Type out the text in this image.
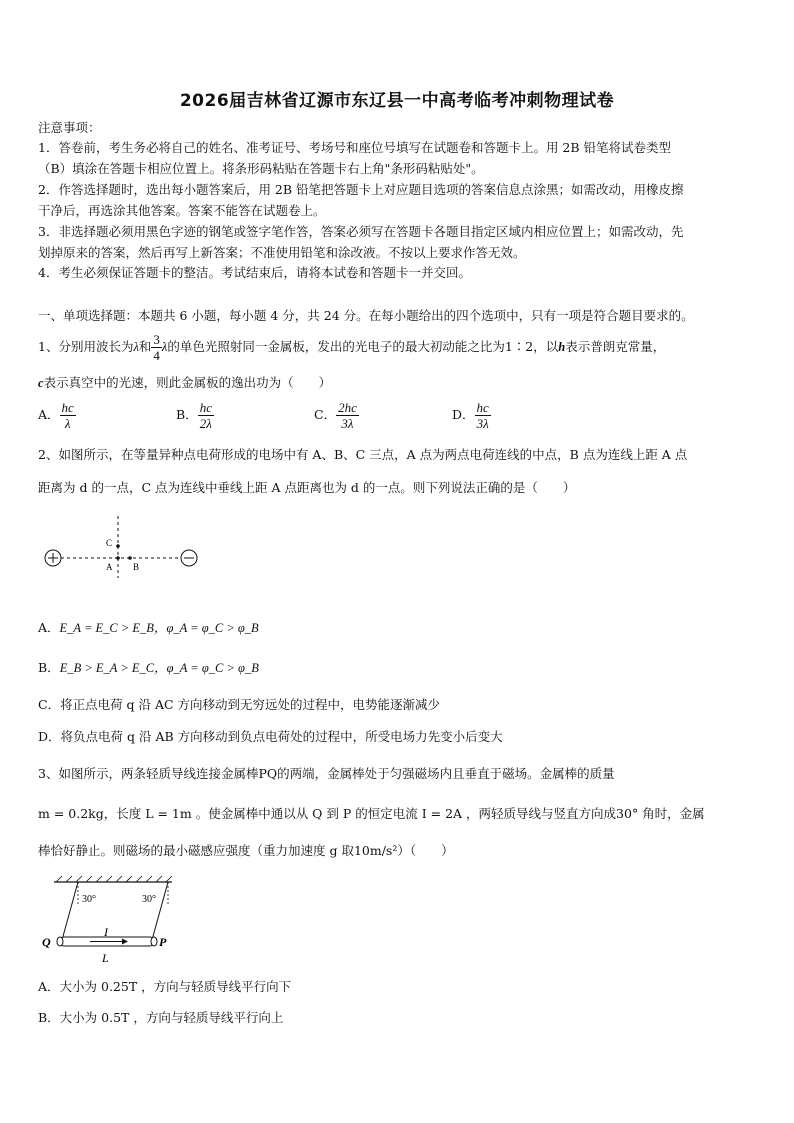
2026届吉林省辽源市东辽县一中高考临考冲刺物理试卷
注意事项：
1．答卷前，考生务必将自己的姓名、准考证号、考场号和座位号填写在试题卷和答题卡上。用 2B 铅笔将试卷类型
（B）填涂在答题卡相应位置上。将条形码粘贴在答题卡右上角"条形码粘贴处"。
2．作答选择题时，选出每小题答案后，用 2B 铅笔把答题卡上对应题目选项的答案信息点涂黑；如需改动，用橡皮擦
干净后，再选涂其他答案。答案不能答在试题卷上。
3．非选择题必须用黑色字迹的钢笔或签字笔作答，答案必须写在答题卡各题目指定区域内相应位置上；如需改动，先
划掉原来的答案，然后再写上新答案；不准使用铅笔和涂改液。不按以上要求作答无效。
4．考生必须保证答题卡的整洁。考试结束后，请将本试卷和答题卡一并交回。
一、单项选择题：本题共 6 小题，每小题 4 分，共 24 分。在每小题给出的四个选项中，只有一项是符合题目要求的。
1、分别用波长为λ和 $\frac{3}{4}$ λ的单色光照射同一金属板，发出的光电子的最大初动能之比为1∶2，以h表示普朗克常量，
c表示真空中的光速，则此金属板的逸出功为（　　）
A． $\frac{hc}{\lambda}$	B． $\frac{hc}{2\lambda}$	C． $\frac{2hc}{3\lambda}$	D． $\frac{hc}{3\lambda}$
2、如图所示，在等量异种点电荷形成的电场中有 A、B、C 三点，A 点为两点电荷连线的中点，B 点为连线上距 A 点
距离为 d 的一点，C 点为连线中垂线上距 A 点距离也为 d 的一点。则下列说法正确的是（　　）
C
A B
A．E_A = E_C > E_B，φ_A = φ_C > φ_B
B．E_B > E_A > E_C，φ_A = φ_C > φ_B
C．将正点电荷 q 沿 AC 方向移动到无穷远处的过程中，电势能逐渐减少
D．将负点电荷 q 沿 AB 方向移动到负点电荷处的过程中，所受电场力先变小后变大
3、如图所示，两条轻质导线连接金属棒PQ的两端，金属棒处于匀强磁场内且垂直于磁场。金属棒的质量
m = 0.2kg，长度 L = 1m 。使金属棒中通以从 Q 到 P 的恒定电流 I = 2A ，两轻质导线与竖直方向成30° 角时，金属
棒恰好静止。则磁场的最小磁感应强度（重力加速度 g 取10m/s²）（　　）
30°	30°
I
Q	P
L
A．大小为 0.25T ，方向与轻质导线平行向下
B．大小为 0.5T ，方向与轻质导线平行向上
